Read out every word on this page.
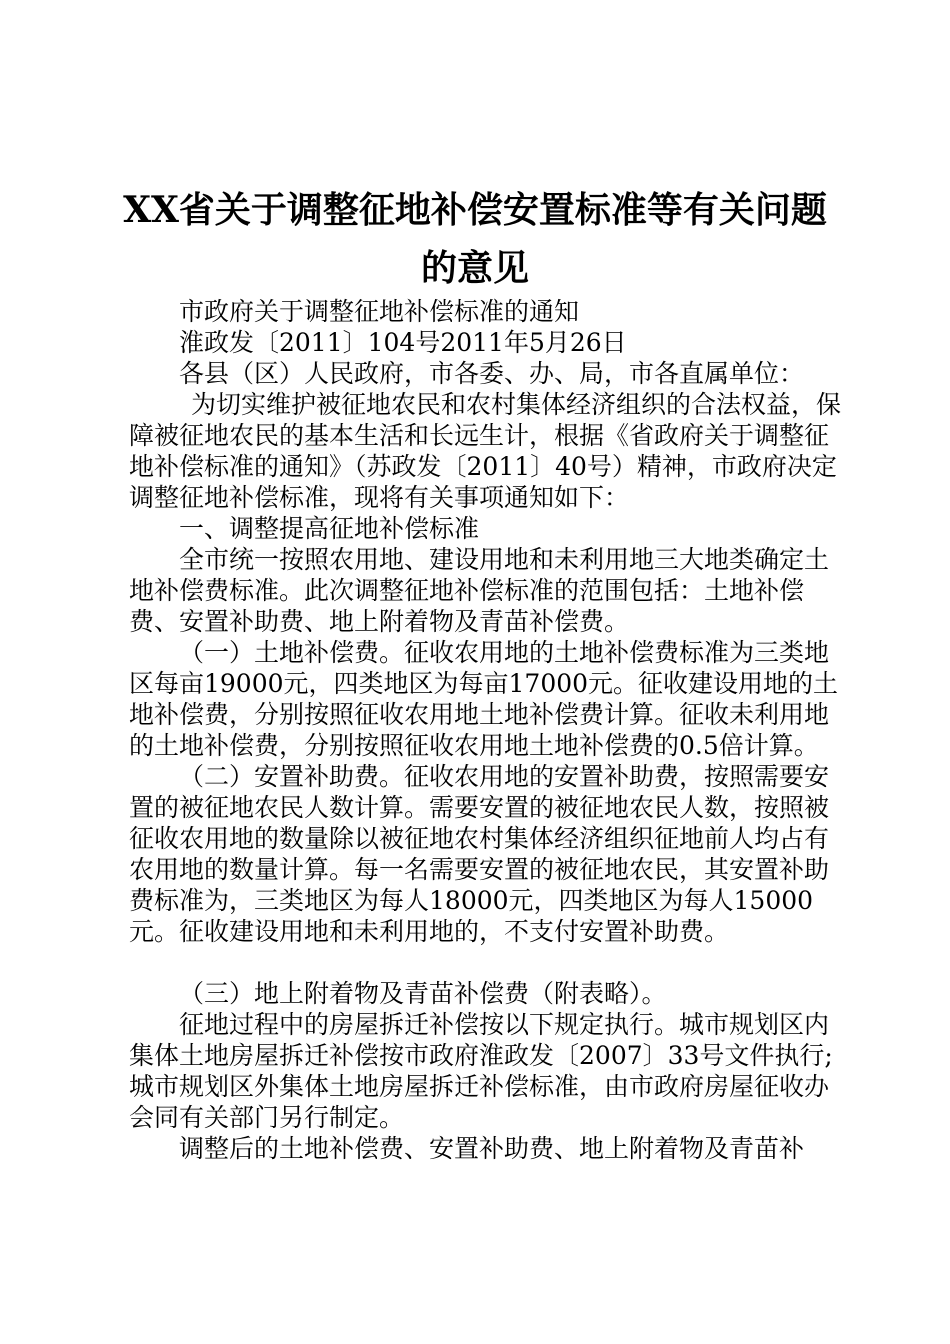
XX省关于调整征地补偿安置标准等有关问题
的意见

市政府关于调整征地补偿标准的通知

淮政发〔2011〕104号2011年5月26日

各县（区）人民政府，市各委、办、局，市各直属单位：

为切实维护被征地农民和农村集体经济组织的合法权益，保障被征地农民的基本生活和长远生计，根据《省政府关于调整征地补偿标准的通知》（苏政发〔2011〕40号）精神，市政府决定调整征地补偿标准，现将有关事项通知如下：

一、调整提高征地补偿标准

全市统一按照农用地、建设用地和未利用地三大地类确定土地补偿费标准。此次调整征地补偿标准的范围包括：土地补偿费、安置补助费、地上附着物及青苗补偿费。

（一）土地补偿费。征收农用地的土地补偿费标准为三类地区每亩19000元，四类地区为每亩17000元。征收建设用地的土地补偿费，分别按照征收农用地土地补偿费计算。征收未利用地的土地补偿费，分别按照征收农用地土地补偿费的0.5倍计算。

（二）安置补助费。征收农用地的安置补助费，按照需要安置的被征地农民人数计算。需要安置的被征地农民人数，按照被征收农用地的数量除以被征地农村集体经济组织征地前人均占有农用地的数量计算。每一名需要安置的被征地农民，其安置补助费标准为，三类地区为每人18000元，四类地区为每人15000元。征收建设用地和未利用地的，不支付安置补助费。

（三）地上附着物及青苗补偿费（附表略）。

征地过程中的房屋拆迁补偿按以下规定执行。城市规划区内集体土地房屋拆迁补偿按市政府淮政发〔2007〕33号文件执行;城市规划区外集体土地房屋拆迁补偿标准，由市政府房屋征收办会同有关部门另行制定。

调整后的土地补偿费、安置补助费、地上附着物及青苗补
